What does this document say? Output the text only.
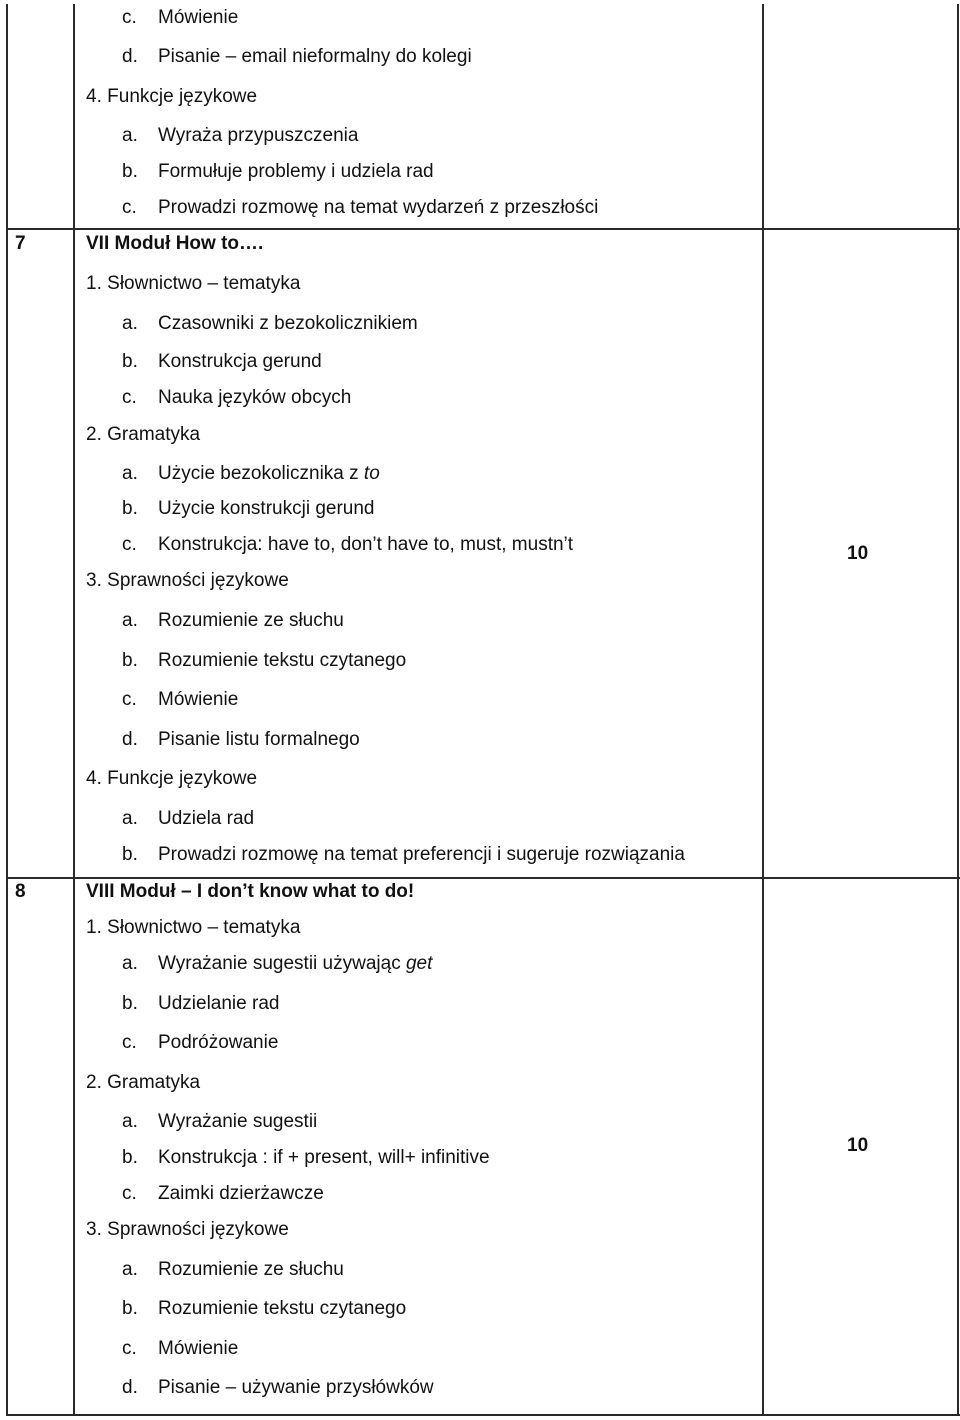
c. Mówienie
d. Pisanie – email nieformalny do kolegi
4. Funkcje językowe
a. Wyraża przypuszczenia
b. Formułuje problemy i udziela rad
c. Prowadzi rozmowę na temat wydarzeń z przeszłości
7	VII Moduł How to….
10
1. Słownictwo – tematyka
a. Czasowniki z bezokolicznikiem
b. Konstrukcja gerund
c. Nauka języków obcych
2. Gramatyka
a. Użycie bezokolicznika z to
b. Użycie konstrukcji gerund
c. Konstrukcja: have to, don’t have to, must, mustn’t
3. Sprawności językowe
a. Rozumienie ze słuchu
b. Rozumienie tekstu czytanego
c. Mówienie
d. Pisanie listu formalnego
4. Funkcje językowe
a. Udziela rad
b. Prowadzi rozmowę na temat preferencji i sugeruje rozwiązania
8	VIII Moduł – I don’t know what to do!
10
1. Słownictwo – tematyka
a. Wyrażanie sugestii używając get
b. Udzielanie rad
c. Podróżowanie
2. Gramatyka
a. Wyrażanie sugestii
b. Konstrukcja : if + present, will+ infinitive
c. Zaimki dzierżawcze
3. Sprawności językowe
a. Rozumienie ze słuchu
b. Rozumienie tekstu czytanego
c. Mówienie
d. Pisanie – używanie przysłówków
